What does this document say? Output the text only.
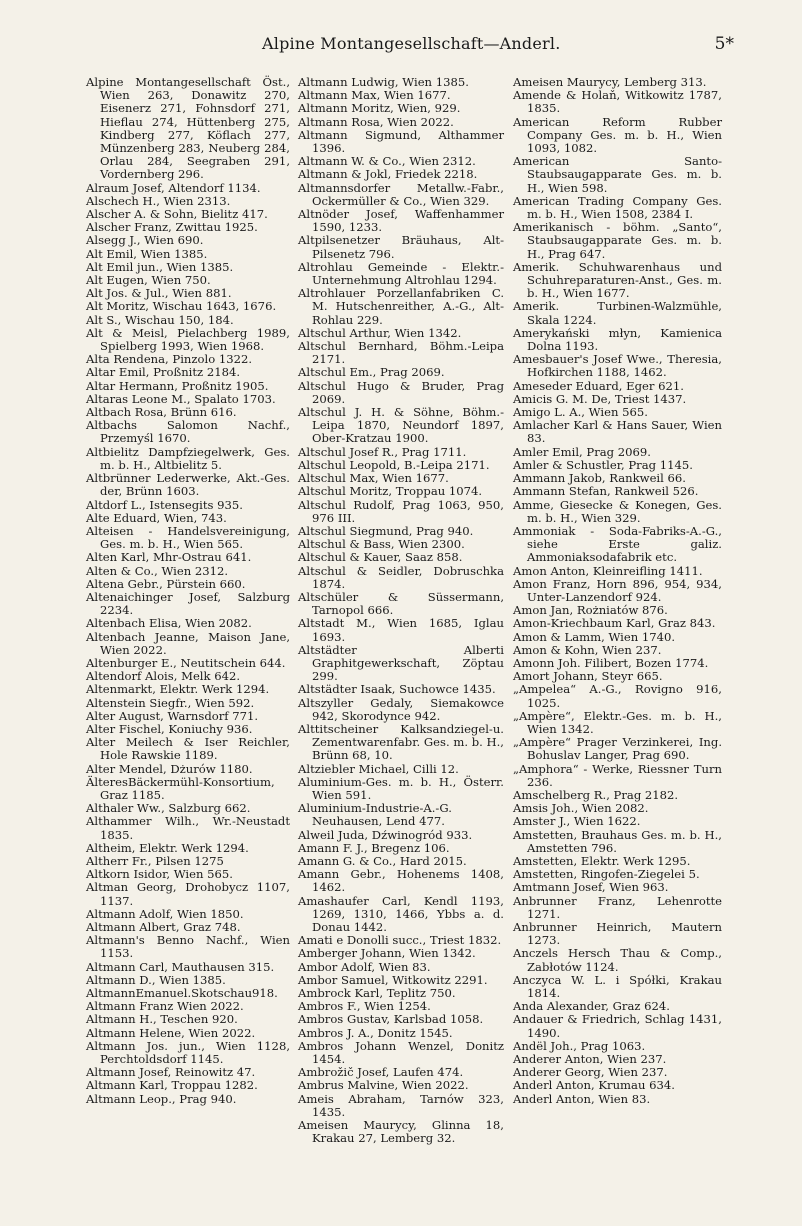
Alpine Montangesellschaft—Anderl.	5*

Alpine Montangesellschaft Öst., Wien 263, Donawitz 270, Eisenerz 271, Fohnsdorf 271, Hieflau 274, Hüttenberg 275, Kindberg 277, Köflach 277, Münzenberg 283, Neuberg 284, Orlau 284, Seegraben 291, Vordernberg 296.

Alraum Josef, Altendorf 1134.

Alschech H., Wien 2313.

Alscher A. & Sohn, Bielitz 417.

Alscher Franz, Zwittau 1925.

Alsegg J., Wien 690.

Alt Emil, Wien 1385.

Alt Emil jun., Wien 1385.

Alt Eugen, Wien 750.

Alt Jos. & Jul., Wien 881.

Alt Moritz, Wischau 1643, 1676.

Alt S., Wischau 150, 184.

Alt & Meisl, Pielachberg 1989, Spielberg 1993, Wien 1968.

Alta Rendena, Pinzolo 1322.

Altar Emil, Proßnitz 2184.

Altar Hermann, Proßnitz 1905.

Altaras Leone M., Spalato 1703.

Altbach Rosa, Brünn 616.

Altbachs Salomon Nachf., Przemyśl 1670.

Altbielitz Dampfziegelwerk, Ges. m. b. H., Altbielitz 5.

Altbrünner Lederwerke, Akt.-Ges. der, Brünn 1603.

Altdorf L., Istensegits 935.

Alte Eduard, Wien, 743.

Alteisen - Handelsvereinigung, Ges. m. b. H., Wien 565.

Alten Karl, Mhr-Ostrau 641.

Alten & Co., Wien 2312.

Altena Gebr., Pürstein 660.

Altenaichinger Josef, Salzburg 2234.

Altenbach Elisa, Wien 2082.

Altenbach Jeanne, Maison Jane, Wien 2022.

Altenburger E., Neutitschein 644.

Altendorf Alois, Melk 642.

Altenmarkt, Elektr. Werk 1294.

Altenstein Siegfr., Wien 592.

Alter August, Warnsdorf 771.

Alter Fischel, Koniuchy 936.

Alter Meilech & Iser Reichler, Hole Rawskie 1189.

Alter Mendel, Dżurów 1180.

ÄlteresBäckermühl-Konsortium, Graz 1185.

Althaler Ww., Salzburg 662.

Althammer Wilh., Wr.-Neustadt 1835.

Altheim, Elektr. Werk 1294.

Altherr Fr., Pilsen 1275

Altkorn Isidor, Wien 565.

Altman Georg, Drohobycz 1107, 1137.

Altmann Adolf, Wien 1850.

Altmann Albert, Graz 748.

Altmann's Benno Nachf., Wien 1153.

Altmann Carl, Mauthausen 315.

Altmann D., Wien 1385.

AltmannEmanuel.Skotschau918.

Altmann Franz Wien 2022.

Altmann H., Teschen 920.

Altmann Helene, Wien 2022.

Altmann Jos. jun., Wien 1128, Perchtoldsdorf 1145.

Altmann Josef, Reinowitz 47.

Altmann Karl, Troppau 1282.

Altmann Leop., Prag 940.

Altmann Ludwig, Wien 1385.

Altmann Max, Wien 1677.

Altmann Moritz, Wien, 929.

Altmann Rosa, Wien 2022.

Altmann Sigmund, Althammer 1396.

Altmann W. & Co., Wien 2312.

Altmann & Jokl, Friedek 2218.

Altmannsdorfer Metallw.-Fabr., Ockermüller & Co., Wien 329.

Altnöder Josef, Waffenhammer 1590, 1233.

Altpilsenetzer Bräuhaus, Alt-Pilsenetz 796.

Altrohlau Gemeinde - Elektr.-Unternehmung Altrohlau 1294.

Altrohlauer Porzellanfabriken C. M. Hutschenreither, A.-G., Alt-Rohlau 229.

Altschul Arthur, Wien 1342.

Altschul Bernhard, Böhm.-Leipa 2171.

Altschul Em., Prag 2069.

Altschul Hugo & Bruder, Prag 2069.

Altschul J. H. & Söhne, Böhm.-Leipa 1870, Neundorf 1897, Ober-Kratzau 1900.

Altschul Josef R., Prag 1711.

Altschul Leopold, B.-Leipa 2171.

Altschul Max, Wien 1677.

Altschul Moritz, Troppau 1074.

Altschul Rudolf, Prag 1063, 950, 976 III.

Altschul Siegmund, Prag 940.

Altschul & Bass, Wien 2300.

Altschul & Kauer, Saaz 858.

Altschul & Seidler, Dobruschka 1874.

Altschüler & Süssermann, Tarnopol 666.

Altstadt M., Wien 1685, Iglau 1693.

Altstädter Alberti Graphitgewerkschaft, Zöptau 299.

Altstädter Isaak, Suchowce 1435.

Altszyller Gedaly, Siemakowce 942, Skorodynce 942.

Alttitscheiner Kalksandziegel-u. Zementwarenfabr. Ges. m. b. H., Brünn 68, 10.

Altziebler Michael, Cilli 12.

Aluminium-Ges. m. b. H., Österr. Wien 591.

Aluminium-Industrie-A.-G. Neuhausen, Lend 477.

Alweil Juda, Dźwinogród 933.

Amann F. J., Bregenz 106.

Amann G. & Co., Hard 2015.

Amann Gebr., Hohenems 1408, 1462.

Amashaufer Carl, Kendl 1193, 1269, 1310, 1466, Ybbs a. d. Donau 1442.

Amati e Donolli succ., Triest 1832.

Amberger Johann, Wien 1342.

Ambor Adolf, Wien 83.

Ambor Samuel, Witkowitz 2291.

Ambrock Karl, Teplitz 750.

Ambros F., Wien 1254.

Ambros Gustav, Karlsbad 1058.

Ambros J. A., Donitz 1545.

Ambros Johann Wenzel, Donitz 1454.

Ambrožič Josef, Laufen 474.

Ambrus Malvine, Wien 2022.

Ameis Abraham, Tarnów 323, 1435.

Ameisen Maurycy, Glinna 18, Krakau 27, Lemberg 32.

Ameisen Maurycy, Lemberg 313.

Amende & Holaň, Witkowitz 1787, 1835.

American Reform Rubber Company Ges. m. b. H., Wien 1093, 1082.

American Santo-Staubsaugapparate Ges. m. b. H., Wien 598.

American Trading Company Ges. m. b. H., Wien 1508, 2384 I.

Amerikanisch - böhm. „Santo“, Staubsaugapparate Ges. m. b. H., Prag 647.

Amerik. Schuhwarenhaus und Schuhreparaturen-Anst., Ges. m. b. H., Wien 1677.

Amerik. Turbinen-Walzmühle, Skala 1224.

Amerykański młyn, Kamienica Dolna 1193.

Amesbauer's Josef Wwe., Theresia, Hofkirchen 1188, 1462.

Ameseder Eduard, Eger 621.

Amicis G. M. De, Triest 1437.

Amigo L. A., Wien 565.

Amlacher Karl & Hans Sauer, Wien 83.

Amler Emil, Prag 2069.

Amler & Schustler, Prag 1145.

Ammann Jakob, Rankweil 66.

Ammann Stefan, Rankweil 526.

Amme, Giesecke & Konegen, Ges. m. b. H., Wien 329.

Ammoniak - Soda-Fabriks-A.-G., siehe Erste galiz. Ammoniaksodafabrik etc.

Amon Anton, Kleinreifling 1411.

Amon Franz, Horn 896, 954, 934, Unter-Lanzendorf 924.

Amon Jan, Rożniatów 876.

Amon-Kriechbaum Karl, Graz 843.

Amon & Lamm, Wien 1740.

Amon & Kohn, Wien 237.

Amonn Joh. Filibert, Bozen 1774.

Amort Johann, Steyr 665.

„Ampelea“ A.-G., Rovigno 916, 1025.

„Ampère“, Elektr.-Ges. m. b. H., Wien 1342.

„Ampère“ Prager Verzinkerei, Ing. Bohuslav Langer, Prag 690.

„Amphora“ - Werke, Riessner Turn 236.

Amschelberg R., Prag 2182.

Amsis Joh., Wien 2082.

Amster J., Wien 1622.

Amstetten, Brauhaus Ges. m. b. H., Amstetten 796.

Amstetten, Elektr. Werk 1295.

Amstetten, Ringofen-Ziegelei 5.

Amtmann Josef, Wien 963.

Anbrunner Franz, Lehenrotte 1271.

Anbrunner Heinrich, Mautern 1273.

Anczels Hersch Thau & Comp., Zabłotów 1124.

Anczyca W. L. i Spółki, Krakau 1814.

Anda Alexander, Graz 624.

Andauer & Friedrich, Schlag 1431, 1490.

Andël Joh., Prag 1063.

Anderer Anton, Wien 237.

Anderer Georg, Wien 237.

Anderl Anton, Krumau 634.

Anderl Anton, Wien 83.
